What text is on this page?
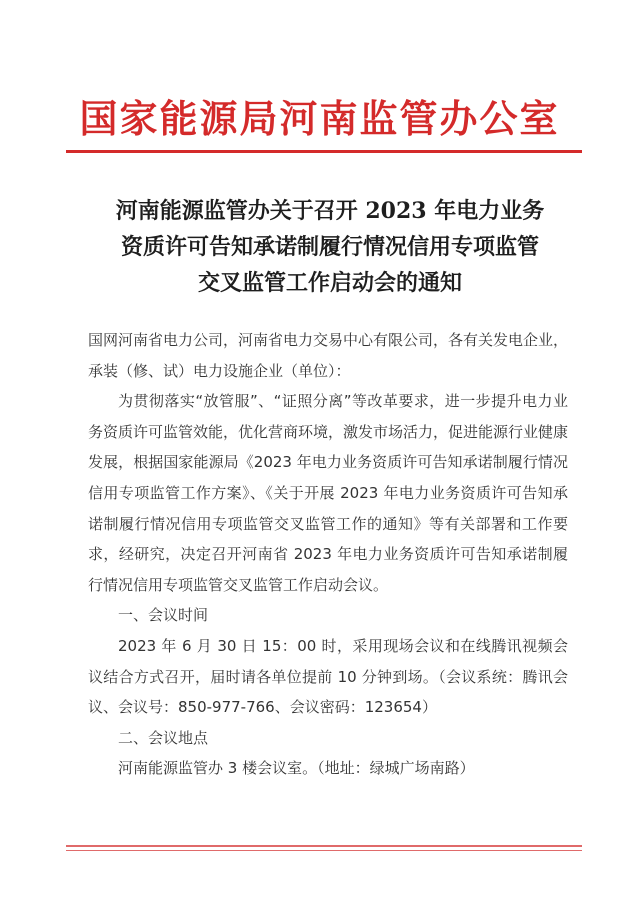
国家能源局河南监管办公室
河南能源监管办关于召开 2023 年电力业务
资质许可告知承诺制履行情况信用专项监管
交叉监管工作启动会的通知

国网河南省电力公司，河南省电力交易中心有限公司，各有关发电企业，承装（修、试）电力设施企业（单位）：

为贯彻落实“放管服”、“证照分离”等改革要求，进一步提升电力业务资质许可监管效能，优化营商环境，激发市场活力，促进能源行业健康发展，根据国家能源局《2023 年电力业务资质许可告知承诺制履行情况信用专项监管工作方案》、《关于开展 2023 年电力业务资质许可告知承诺制履行情况信用专项监管交叉监管工作的通知》等有关部署和工作要求，经研究，决定召开河南省 2023 年电力业务资质许可告知承诺制履行情况信用专项监管交叉监管工作启动会议。

一、会议时间

2023 年 6 月 30 日 15：00 时，采用现场会议和在线腾讯视频会议结合方式召开，届时请各单位提前 10 分钟到场。（会议系统：腾讯会议、会议号：850-977-766、会议密码：123654）

二、会议地点

河南能源监管办 3 楼会议室。（地址：绿城广场南路）
